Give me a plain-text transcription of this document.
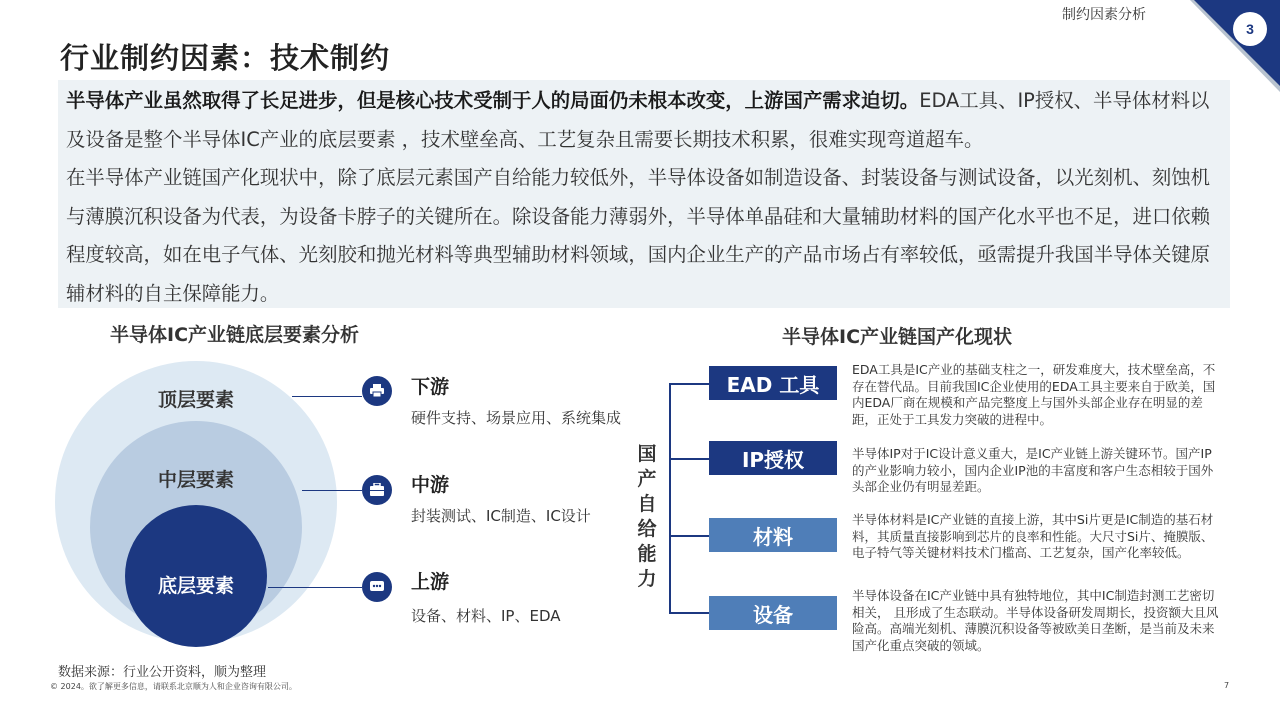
制约因素分析
3
行业制约因素：技术制约

半导体产业虽然取得了长足进步，但是核心技术受制于人的局面仍未根本改变，上游国产需求迫切。EDA工具、IP授权、半导体材料以及设备是整个半导体IC产业的底层要素 ，技术壁垒高、工艺复杂且需要长期技术积累，很难实现弯道超车。

在半导体产业链国产化现状中，除了底层元素国产自给能力较低外，半导体设备如制造设备、封装设备与测试设备，以光刻机、刻蚀机与薄膜沉积设备为代表，为设备卡脖子的关键所在。除设备能力薄弱外，半导体单晶硅和大量辅助材料的国产化水平也不足，进口依赖程度较高，如在电子气体、光刻胶和抛光材料等典型辅助材料领域，国内企业生产的产品市场占有率较低，亟需提升我国半导体关键原辅材料的自主保障能力。

半导体IC产业链底层要素分析
顶层要素
中层要素
底层要素
下游
硬件支持、场景应用、系统集成
中游
封装测试、IC制造、IC设计
上游
设备、材料、IP、EDA
半导体IC产业链国产化现状
国
产
自
给
能
力
EAD 工具
IP授权
材料
设备
EDA工具是IC产业的基础支柱之一，研发难度大，技术壁垒高，不存在替代品。目前我国IC企业使用的EDA工具主要来自于欧美，国内EDA厂商在规模和产品完整度上与国外头部企业存在明显的差距，正处于工具发力突破的进程中。
半导体IP对于IC设计意义重大，是IC产业链上游关键环节。国产IP的产业影响力较小，国内企业IP池的丰富度和客户生态相较于国外头部企业仍有明显差距。
半导体材料是IC产业链的直接上游，其中Si片更是IC制造的基石材料，其质量直接影响到芯片的良率和性能。大尺寸Si片、掩膜版、电子特气等关键材料技术门槛高、工艺复杂，国产化率较低。
半导体设备在IC产业链中具有独特地位，其中IC制造封测工艺密切相关， 且形成了生态联动。半导体设备研发周期长，投资额大且风险高。高端光刻机、薄膜沉积设备等被欧美日垄断，是当前及未来国产化重点突破的领域。
数据来源：行业公开资料，顺为整理
© 2024。欲了解更多信息，请联系北京顺为人和企业咨询有限公司。	7
